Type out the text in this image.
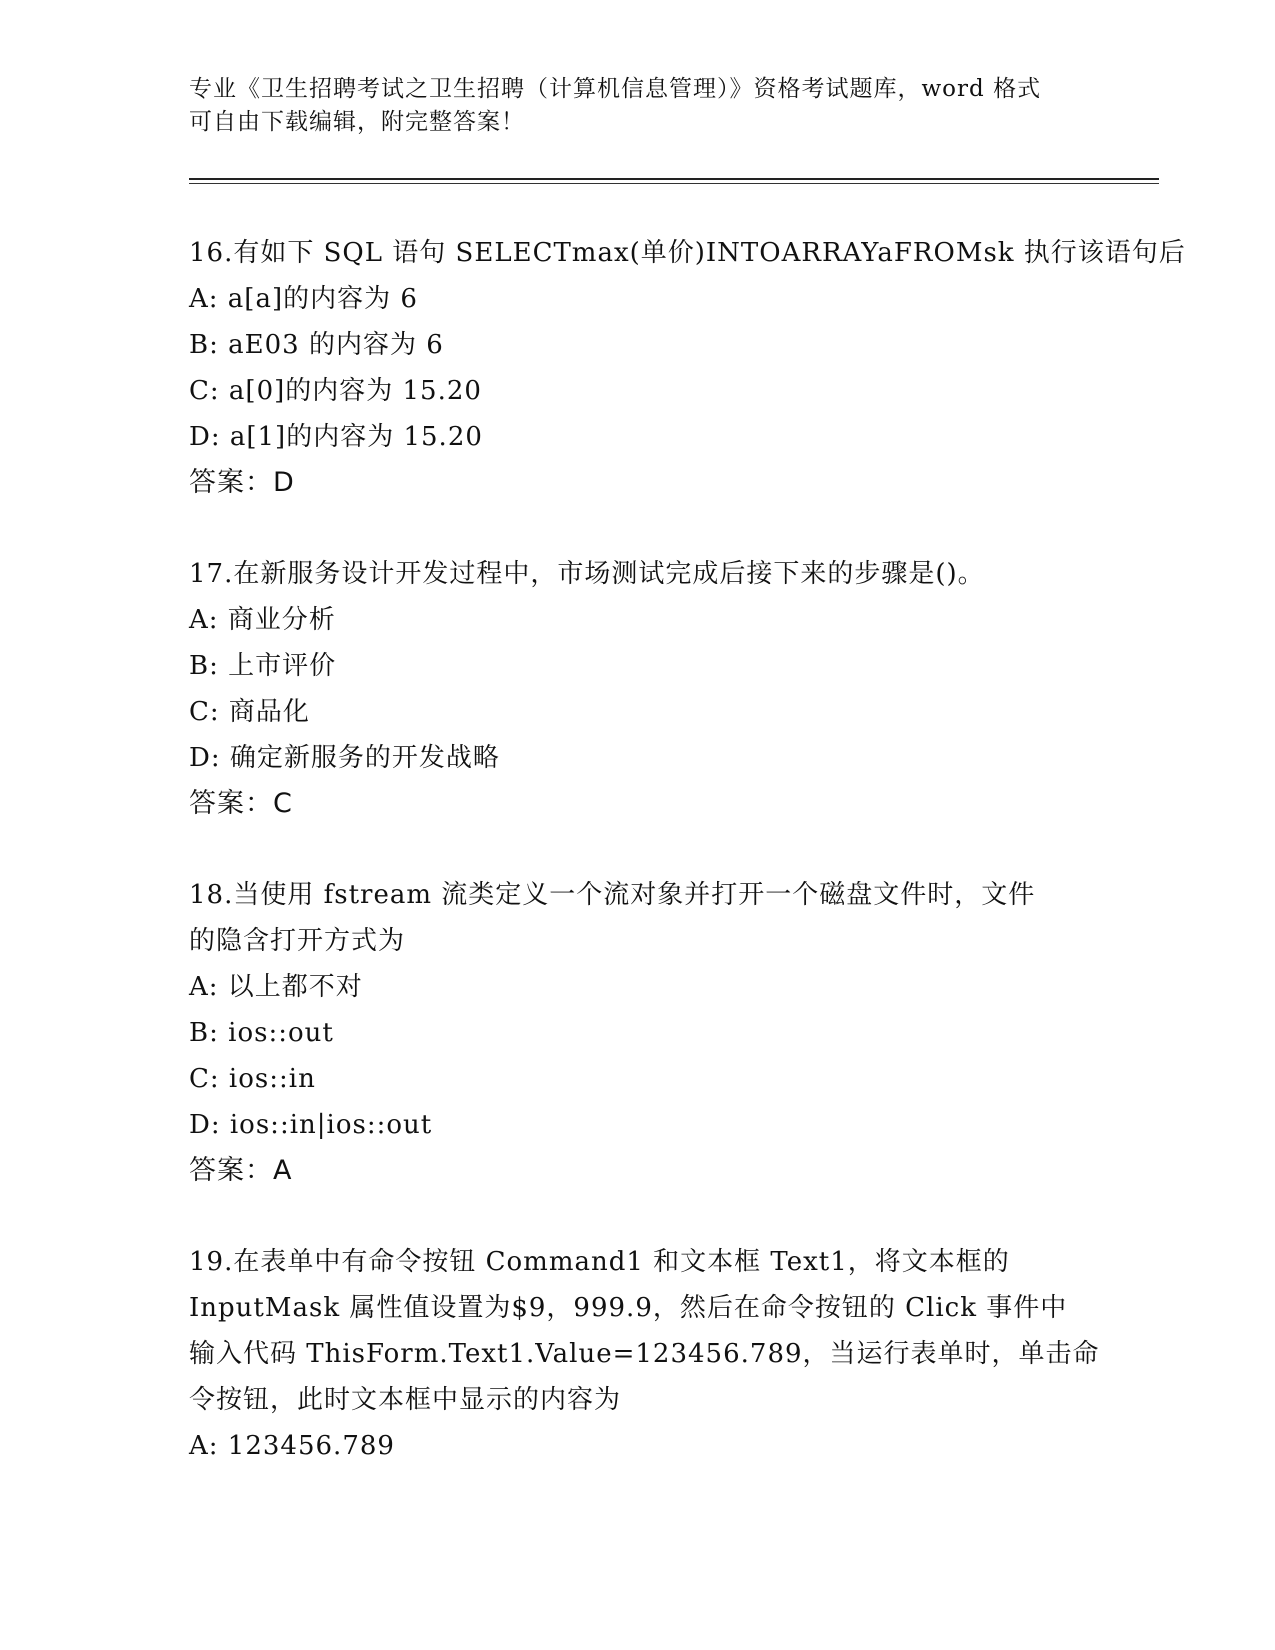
专业《卫生招聘考试之卫生招聘（计算机信息管理）》资格考试题库，word 格式
可自由下载编辑，附完整答案！
16.有如下 SQL 语句 SELECTmax(单价)INTOARRAYaFROMsk 执行该语句后
A: a[a]的内容为 6
B: aE03 的内容为 6
C: a[0]的内容为 15.20
D: a[1]的内容为 15.20
答案：D
17.在新服务设计开发过程中，市场测试完成后接下来的步骤是()。
A: 商业分析
B: 上市评价
C: 商品化
D: 确定新服务的开发战略
答案：C
18.当使用 fstream 流类定义一个流对象并打开一个磁盘文件时，文件
的隐含打开方式为
A: 以上都不对
B: ios::out
C: ios::in
D: ios::in|ios::out
答案：A
19.在表单中有命令按钮 Command1 和文本框 Text1，将文本框的
InputMask 属性值设置为$9，999.9，然后在命令按钮的 Click 事件中
输入代码 ThisForm.Text1.Value=123456.789，当运行表单时，单击命
令按钮，此时文本框中显示的内容为
A: 123456.789
